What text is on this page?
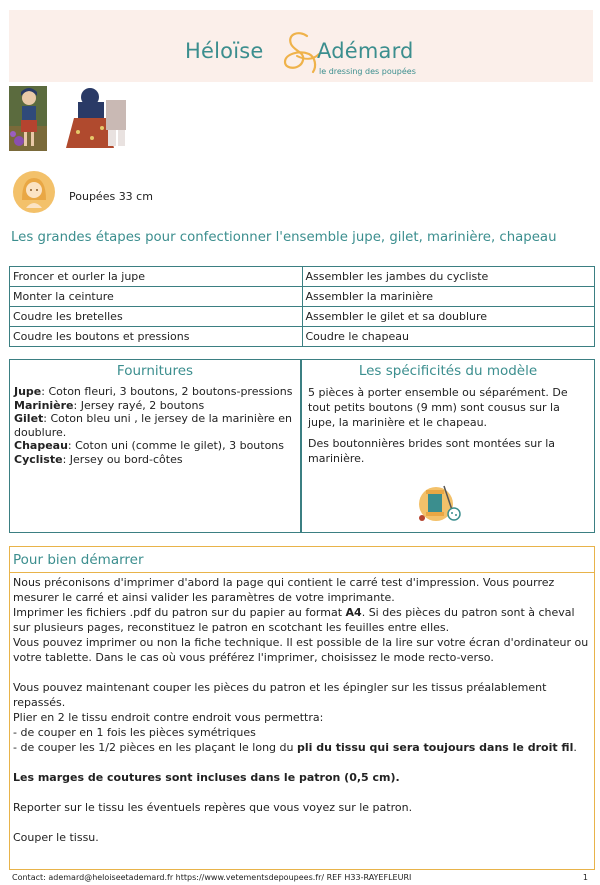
Héloïse	Adémard
le dressing des poupées
Poupées 33 cm
Les grandes étapes pour confectionner l'ensemble jupe, gilet, marinière, chapeau
Froncer et ourler la jupe	Assembler les jambes du cycliste
Monter la ceinture	Assembler la marinière
Coudre les bretelles	Assembler le gilet et sa doublure
Coudre les boutons et pressions	Coudre le chapeau
Fournitures
Jupe: Coton fleuri, 3 boutons, 2 boutons-pressions
Marinière: Jersey rayé, 2 boutons
Gilet: Coton bleu uni , le jersey de la marinière en doublure.
Chapeau: Coton uni (comme le gilet), 3 boutons
Cycliste: Jersey ou bord-côtes
Les spécificités du modèle

5 pièces à porter ensemble ou séparément. De tout petits boutons (9 mm) sont cousus sur la jupe, la marinière et le chapeau.

Des boutonnières brides sont montées sur la marinière.

Pour bien démarrer

Nous préconisons d'imprimer d'abord la page qui contient le carré test d'impression. Vous pourrez mesurer le carré et ainsi valider les paramètres de votre imprimante.

Imprimer les fichiers .pdf du patron sur du papier au format A4. Si des pièces du patron sont à cheval sur plusieurs pages, reconstituez le patron en scotchant les feuilles entre elles.

Vous pouvez imprimer ou non la fiche technique. Il est possible de la lire sur votre écran d'ordinateur ou votre tablette. Dans le cas où vous préférez l'imprimer, choisissez le mode recto-verso.

Vous pouvez maintenant couper les pièces du patron et les épingler sur les tissus préalablement repassés.

Plier en 2 le tissu endroit contre endroit vous permettra:

- de couper en 1 fois les pièces symétriques

- de couper les 1/2 pièces en les plaçant le long du pli du tissu qui sera toujours dans le droit fil.

Les marges de coutures sont incluses dans le patron (0,5 cm).

Reporter sur le tissu les éventuels repères que vous voyez sur le patron.

Couper le tissu.

Contact: ademard@heloiseetademard.fr https://www.vetementsdepoupees.fr/ REF H33-RAYEFLEURI	1
